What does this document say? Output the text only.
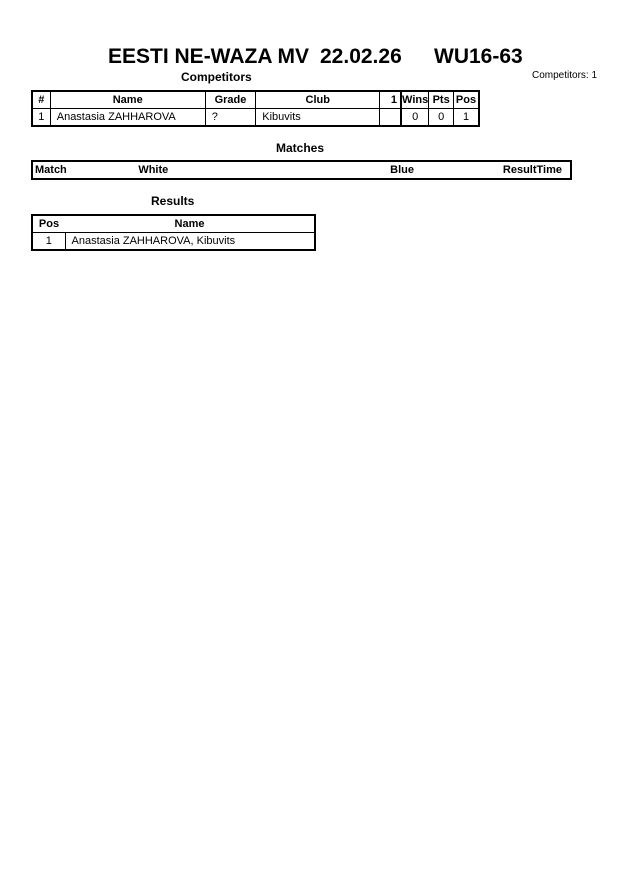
EESTI NE-WAZA MV 22.02.26 WU16-63
Competitors: 1
Competitors
#	Name	Grade	Club	1	Wins	Pts	Pos
1	Anastasia ZAHHAROVA	?	Kibuvits		0	0	1
Matches
Match	White	Blue	Result	Time
Results
Pos	Name
1	Anastasia ZAHHAROVA, Kibuvits
